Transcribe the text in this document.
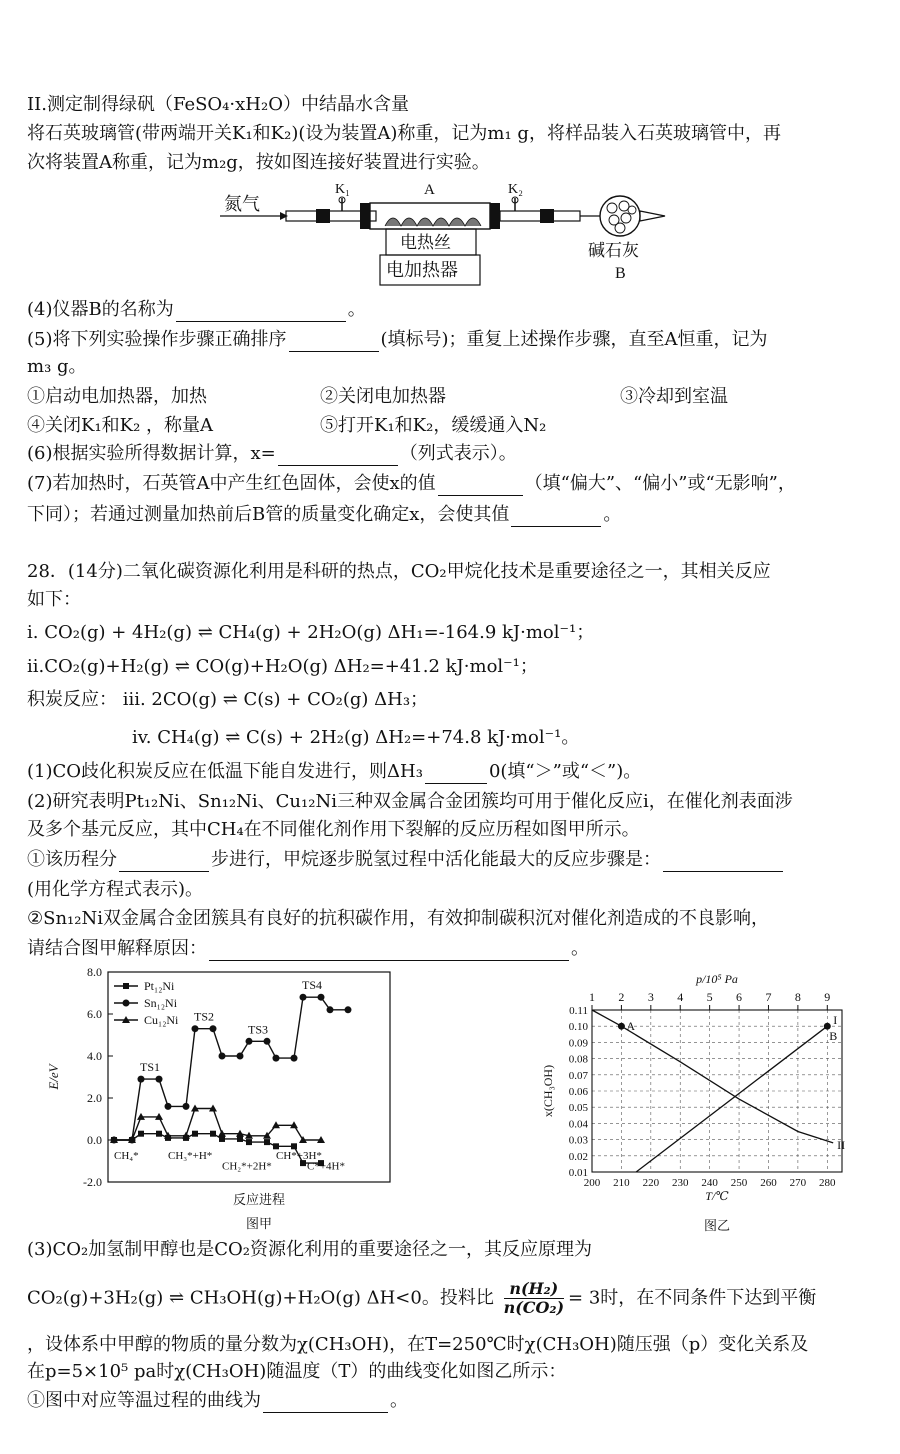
II.测定制得绿矾（FeSO₄·xH₂O）中结晶水含量
将石英玻璃管(带两端开关K₁和K₂)(设为装置A)称重，记为m₁ g，将样品装入石英玻璃管中，再
次将装置A称重，记为m₂g，按如图连接好装置进行实验。
氮气
K₁	A	K₂
电热丝
电加热器
碱石灰
B
(4)仪器B的名称为	。
(5)将下列实验操作步骤正确排序	(填标号)；重复上述操作步骤，直至A恒重，记为
m₃ g。
①启动电加热器，加热	②关闭电加热器	③冷却到室温
④关闭K₁和K₂ ，称量A	⑤打开K₁和K₂，缓缓通入N₂
(6)根据实验所得数据计算，x=	（列式表示）。
(7)若加热时，石英管A中产生红色固体，会使x的值	（填“偏大”、“偏小”或“无影响”，
下同）；若通过测量加热前后B管的质量变化确定x，会使其值	。
28．(14分)二氧化碳资源化利用是科研的热点，CO₂甲烷化技术是重要途径之一，其相关反应
如下：
i. CO₂(g) + 4H₂(g) ⇌ CH₄(g) + 2H₂O(g) ΔH₁=-164.9 kJ·mol⁻¹；
ii.CO₂(g)+H₂(g) ⇌ CO(g)+H₂O(g) ΔH₂=+41.2 kJ·mol⁻¹；
积炭反应： iii. 2CO(g) ⇌ C(s) + CO₂(g) ΔH₃；
iv. CH₄(g) ⇌ C(s) + 2H₂(g) ΔH₂=+74.8 kJ·mol⁻¹。
(1)CO歧化积炭反应在低温下能自发进行，则ΔH₃	0(填“＞”或“＜”)。
(2)研究表明Pt₁₂Ni、Sn₁₂Ni、Cu₁₂Ni三种双金属合金团簇均可用于催化反应i，在催化剂表面涉
及多个基元反应，其中CH₄在不同催化剂作用下裂解的反应历程如图甲所示。
①该历程分	步进行，甲烷逐步脱氢过程中活化能最大的反应步骤是：
(用化学方程式表示)。
②Sn₁₂Ni双金属合金团簇具有良好的抗积碳作用，有效抑制碳积沉对催化剂造成的不良影响，
请结合图甲解释原因：	。
8.0
6.0
4.0
2.0
0.0
-2.0
E/eV
反应进程
图甲
Pt₁₂Ni
Sn₁₂Ni
Cu₁₂Ni
TS1
TS2
TS3
TS4
CH₄*	CH₃*+H*
CH₂*+2H*
CH*+3H*
C*+4H*
0.11
0.10
0.09
0.08
0.07
0.06
0.05
0.04
0.03
0.02
0.01
200 210 220 230 240 250 260 270 280
1 2 3 4 5 6 7 8 9
p/10⁵ Pa
T/℃
x(CH₃OH)
图乙
I
II
A
B
(3)CO₂加氢制甲醇也是CO₂资源化利用的重要途径之一，其反应原理为
CO₂(g)+3H₂(g) ⇌ CH₃OH(g)+H₂O(g) ΔH<0。投料比 $\frac{\text{n(H₂)}}{\text{n(CO₂)}} = 3$时，在不同条件下达到平衡
，设体系中甲醇的物质的量分数为χ(CH₃OH)，在T=250℃时χ(CH₃OH)随压强（p）变化关系及
在p=5×10⁵ pa时χ(CH₃OH)随温度（T）的曲线变化如图乙所示：
①图中对应等温过程的曲线为	。
